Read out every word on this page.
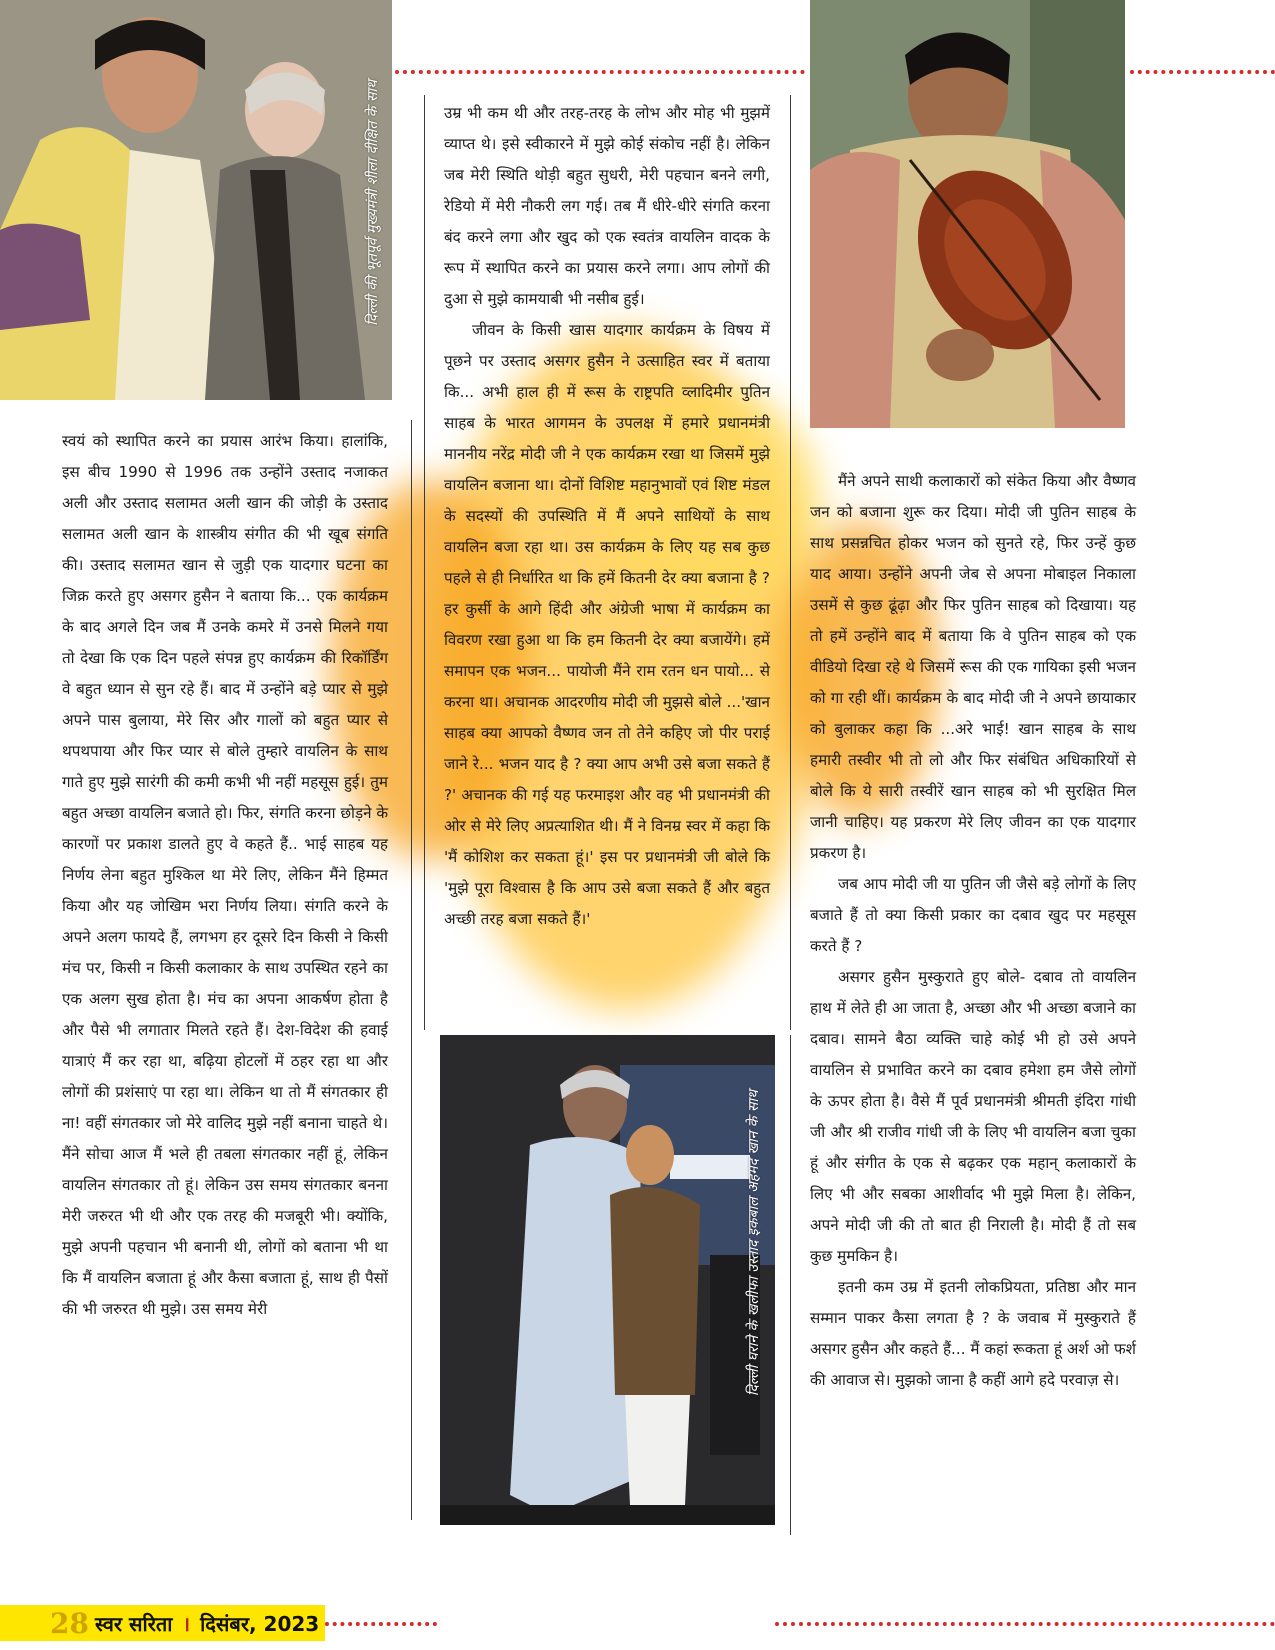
दिल्ली की भूतपूर्व मुख्यमंत्री शीला दीक्षित के साथ
दिल्ली घराने के खलीफा उस्ताद इकबाल अहमद खान के साथ

स्वयं को स्थापित करने का प्रयास आरंभ किया। हालांकि, इस बीच 1990 से 1996 तक उन्होंने उस्ताद नजाकत अली और उस्ताद सलामत अली खान की जोड़ी के उस्ताद सलामत अली खान के शास्त्रीय संगीत की भी खूब संगति की। उस्ताद सलामत खान से जुड़ी एक यादगार घटना का जिक्र करते हुए असगर हुसैन ने बताया कि... एक कार्यक्रम के बाद अगले दिन जब मैं उनके कमरे में उनसे मिलने गया तो देखा कि एक दिन पहले संपन्न हुए कार्यक्रम की रिकॉर्डिंग वे बहुत ध्यान से सुन रहे हैं। बाद में उन्होंने बड़े प्यार से मुझे अपने पास बुलाया, मेरे सिर और गालों को बहुत प्यार से थपथपाया और फिर प्यार से बोले तुम्हारे वायलिन के साथ गाते हुए मुझे सारंगी की कमी कभी भी नहीं महसूस हुई। तुम बहुत अच्छा वायलिन बजाते हो। फिर, संगति करना छोड़ने के कारणों पर प्रकाश डालते हुए वे कहते हैं.. भाई साहब यह निर्णय लेना बहुत मुश्किल था मेरे लिए, लेकिन मैंने हिम्मत किया और यह जोखिम भरा निर्णय लिया। संगति करने के अपने अलग फायदे हैं, लगभग हर दूसरे दिन किसी ने किसी मंच पर, किसी न किसी कलाकार के साथ उपस्थित रहने का एक अलग सुख होता है। मंच का अपना आकर्षण होता है और पैसे भी लगातार मिलते रहते हैं। देश-विदेश की हवाई यात्राएं मैं कर रहा था, बढ़िया होटलों में ठहर रहा था और लोगों की प्रशंसाएं पा रहा था। लेकिन था तो मैं संगतकार ही ना! वहीं संगतकार जो मेरे वालिद मुझे नहीं बनाना चाहते थे। मैंने सोचा आज मैं भले ही तबला संगतकार नहीं हूं, लेकिन वायलिन संगतकार तो हूं। लेकिन उस समय संगतकार बनना मेरी जरुरत भी थी और एक तरह की मजबूरी भी। क्योंकि, मुझे अपनी पहचान भी बनानी थी, लोगों को बताना भी था कि मैं वायलिन बजाता हूं और कैसा बजाता हूं, साथ ही पैसों की भी जरुरत थी मुझे। उस समय मेरी

उम्र भी कम थी और तरह-तरह के लोभ और मोह भी मुझमें व्याप्त थे। इसे स्वीकारने में मुझे कोई संकोच नहीं है। लेकिन जब मेरी स्थिति थोड़ी बहुत सुधरी, मेरी पहचान बनने लगी, रेडियो में मेरी नौकरी लग गई। तब मैं धीरे-धीरे संगति करना बंद करने लगा और खुद को एक स्वतंत्र वायलिन वादक के रूप में स्थापित करने का प्रयास करने लगा। आप लोगों की दुआ से मुझे कामयाबी भी नसीब हुई।

जीवन के किसी खास यादगार कार्यक्रम के विषय में पूछने पर उस्ताद असगर हुसैन ने उत्साहित स्वर में बताया कि... अभी हाल ही में रूस के राष्ट्रपति व्लादिमीर पुतिन साहब के भारत आगमन के उपलक्ष में हमारे प्रधानमंत्री माननीय नरेंद्र मोदी जी ने एक कार्यक्रम रखा था जिसमें मुझे वायलिन बजाना था। दोनों विशिष्ट महानुभावों एवं शिष्ट मंडल के सदस्यों की उपस्थिति में मैं अपने साथियों के साथ वायलिन बजा रहा था। उस कार्यक्रम के लिए यह सब कुछ पहले से ही निर्धारित था कि हमें कितनी देर क्या बजाना है ? हर कुर्सी के आगे हिंदी और अंग्रेजी भाषा में कार्यक्रम का विवरण रखा हुआ था कि हम कितनी देर क्या बजायेंगे। हमें समापन एक भजन... पायोजी मैंने राम रतन धन पायो... से करना था। अचानक आदरणीय मोदी जी मुझसे बोले ...'खान साहब क्या आपको वैष्णव जन तो तेने कहिए जो पीर पराई जाने रे... भजन याद है ? क्या आप अभी उसे बजा सकते हैं ?' अचानक की गई यह फरमाइश और वह भी प्रधानमंत्री की ओर से मेरे लिए अप्रत्याशित थी। मैं ने विनम्र स्वर में कहा कि 'मैं कोशिश कर सकता हूं।' इस पर प्रधानमंत्री जी बोले कि 'मुझे पूरा विश्वास है कि आप उसे बजा सकते हैं और बहुत अच्छी तरह बजा सकते हैं।'

मैंने अपने साथी कलाकारों को संकेत किया और वैष्णव जन को बजाना शुरू कर दिया। मोदी जी पुतिन साहब के साथ प्रसन्नचित होकर भजन को सुनते रहे, फिर उन्हें कुछ याद आया। उन्होंने अपनी जेब से अपना मोबाइल निकाला उसमें से कुछ ढूंढ़ा और फिर पुतिन साहब को दिखाया। यह तो हमें उन्होंने बाद में बताया कि वे पुतिन साहब को एक वीडियो दिखा रहे थे जिसमें रूस की एक गायिका इसी भजन को गा रही थीं। कार्यक्रम के बाद मोदी जी ने अपने छायाकार को बुलाकर कहा कि ...अरे भाई! खान साहब के साथ हमारी तस्वीर भी तो लो और फिर संबंधित अधिकारियों से बोले कि ये सारी तस्वीरें खान साहब को भी सुरक्षित मिल जानी चाहिए। यह प्रकरण मेरे लिए जीवन का एक यादगार प्रकरण है।

जब आप मोदी जी या पुतिन जी जैसे बड़े लोगों के लिए बजाते हैं तो क्या किसी प्रकार का दबाव खुद पर महसूस करते हैं ?

असगर हुसैन मुस्कुराते हुए बोले- दबाव तो वायलिन हाथ में लेते ही आ जाता है, अच्छा और भी अच्छा बजाने का दबाव। सामने बैठा व्यक्ति चाहे कोई भी हो उसे अपने वायलिन से प्रभावित करने का दबाव हमेशा हम जैसे लोगों के ऊपर होता है। वैसे मैं पूर्व प्रधानमंत्री श्रीमती इंदिरा गांधी जी और श्री राजीव गांधी जी के लिए भी वायलिन बजा चुका हूं और संगीत के एक से बढ़कर एक महान् कलाकारों के लिए भी और सबका आशीर्वाद भी मुझे मिला है। लेकिन, अपने मोदी जी की तो बात ही निराली है। मोदी हैं तो सब कुछ मुमकिन है।

इतनी कम उम्र में इतनी लोकप्रियता, प्रतिष्ठा और मान सम्मान पाकर कैसा लगता है ? के जवाब में मुस्कुराते हैं असगर हुसैन और कहते हैं... मैं कहां रूकता हूं अर्श ओ फर्श की आवाज से। मुझको जाना है कहीं आगे हदे परवाज़ से।

28 स्वर सरिता । दिसंबर, 2023
